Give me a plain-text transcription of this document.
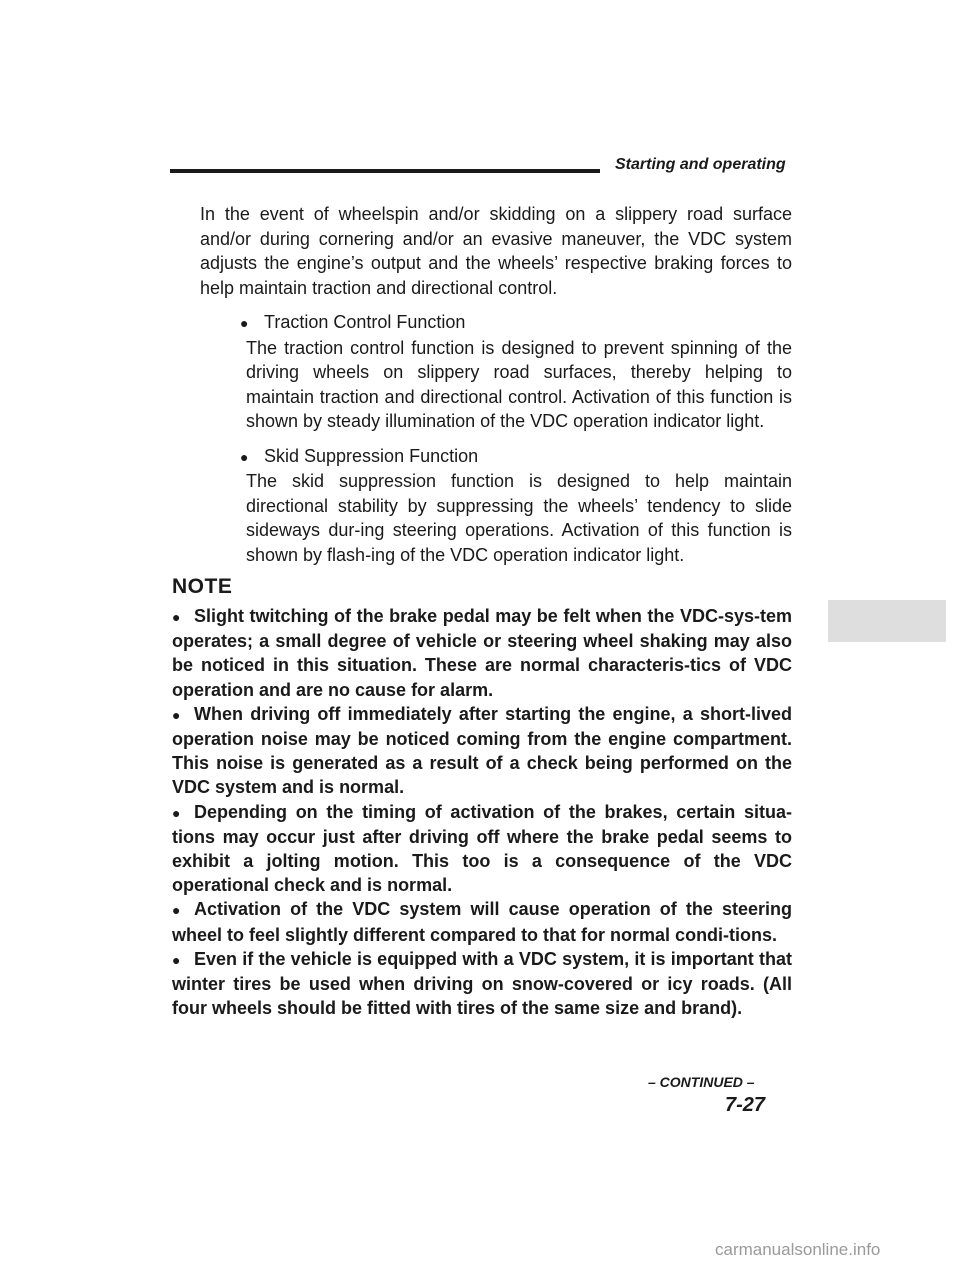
Starting and operating

In the event of wheelspin and/or skidding on a slippery road surface and/or during cornering and/or an evasive maneuver, the VDC system adjusts the engine’s output and the wheels’ respective braking forces to help maintain traction and directional control.

● Traction Control Function

The traction control function is designed to prevent spinning of the driving wheels on slippery road surfaces, thereby helping to maintain traction and directional control. Activation of this function is shown by steady illumination of the VDC operation indicator light.

● Skid Suppression Function

The skid suppression function is designed to help maintain directional stability by suppressing the wheels’ tendency to slide sideways dur-ing steering operations. Activation of this function is shown by flash-ing of the VDC operation indicator light.

NOTE

● Slight twitching of the brake pedal may be felt when the VDC-sys-tem operates; a small degree of vehicle or steering wheel shaking may also be noticed in this situation. These are normal characteris-tics of VDC operation and are no cause for alarm.

● When driving off immediately after starting the engine, a short-lived operation noise may be noticed coming from the engine compartment. This noise is generated as a result of a check being performed on the VDC system and is normal.

● Depending on the timing of activation of the brakes, certain situa-tions may occur just after driving off where the brake pedal seems to exhibit a jolting motion. This too is a consequence of the VDC operational check and is normal.

● Activation of the VDC system will cause operation of the steering wheel to feel slightly different compared to that for normal condi-tions.

● Even if the vehicle is equipped with a VDC system, it is important that winter tires be used when driving on snow-covered or icy roads. (All four wheels should be fitted with tires of the same size and brand).

– CONTINUED –
7-27
carmanualsonline.info
